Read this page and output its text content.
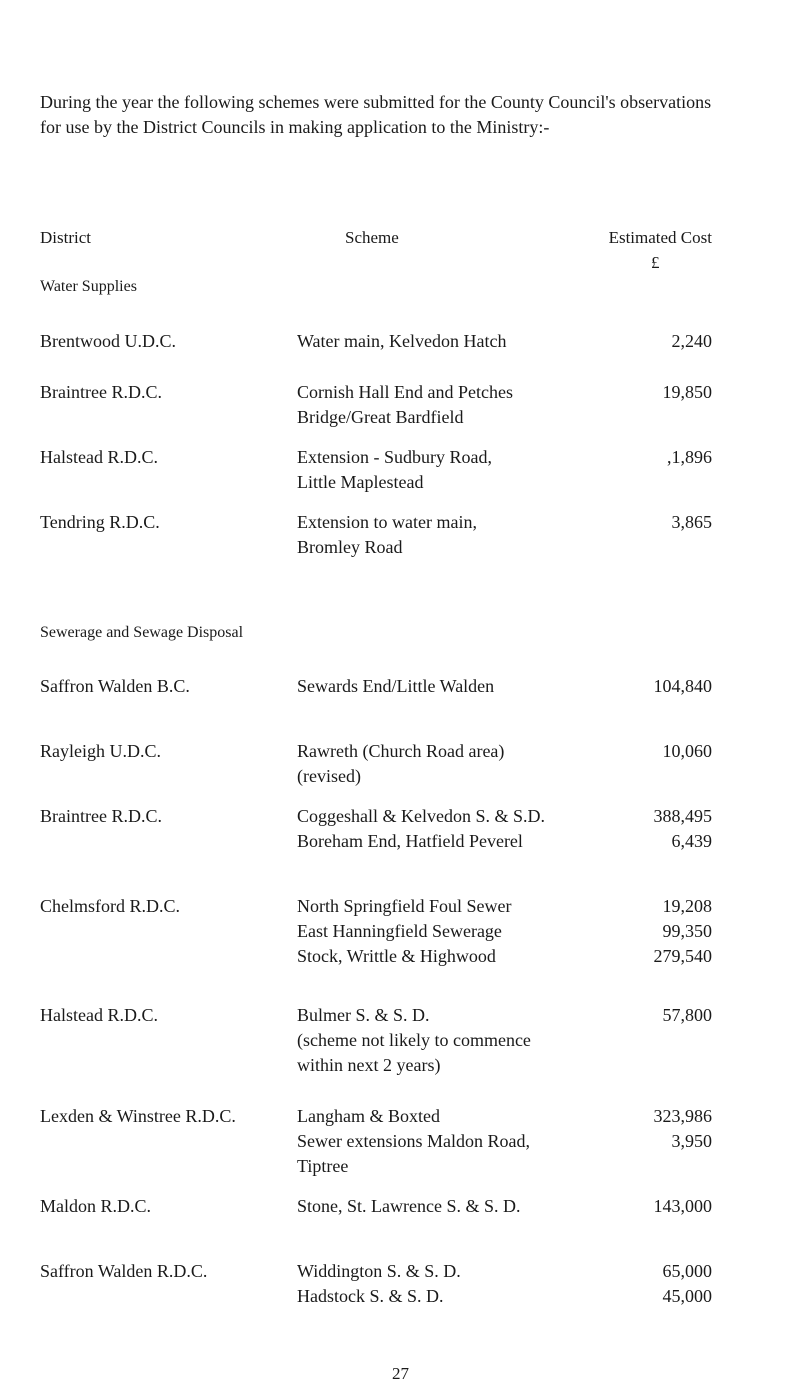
During the year the following schemes were submitted for the County Council's observations for use by the District Councils in making application to the Ministry:-
District	Scheme	Estimated Cost
£
Water Supplies
Brentwood U.D.C.	Water main, Kelvedon Hatch	2,240
Braintree R.D.C.	Cornish Hall End and Petches	19,850
Bridge/Great Bardfield
Halstead R.D.C.	Extension - Sudbury Road,	,1,896
Little Maplestead
Tendring R.D.C.	Extension to water main,	3,865
Bromley Road
Sewerage and Sewage Disposal
Saffron Walden B.C.	Sewards End/Little Walden	104,840
Rayleigh U.D.C.	Rawreth (Church Road area)	10,060
(revised)
Braintree R.D.C.	Coggeshall & Kelvedon S. & S.D.	388,495
Boreham End, Hatfield Peverel	6,439
Chelmsford R.D.C.	North Springfield Foul Sewer	19,208
East Hanningfield Sewerage	99,350
Stock, Writtle & Highwood	279,540
Halstead R.D.C.	Bulmer S. & S. D.	57,800
(scheme not likely to commence
within next 2 years)
Lexden & Winstree R.D.C.	Langham & Boxted	323,986
Sewer extensions Maldon Road,	3,950
Tiptree
Maldon R.D.C.	Stone, St. Lawrence S. & S. D.	143,000
Saffron Walden R.D.C.	Widdington S. & S. D.	65,000
Hadstock S. & S. D.	45,000
27
